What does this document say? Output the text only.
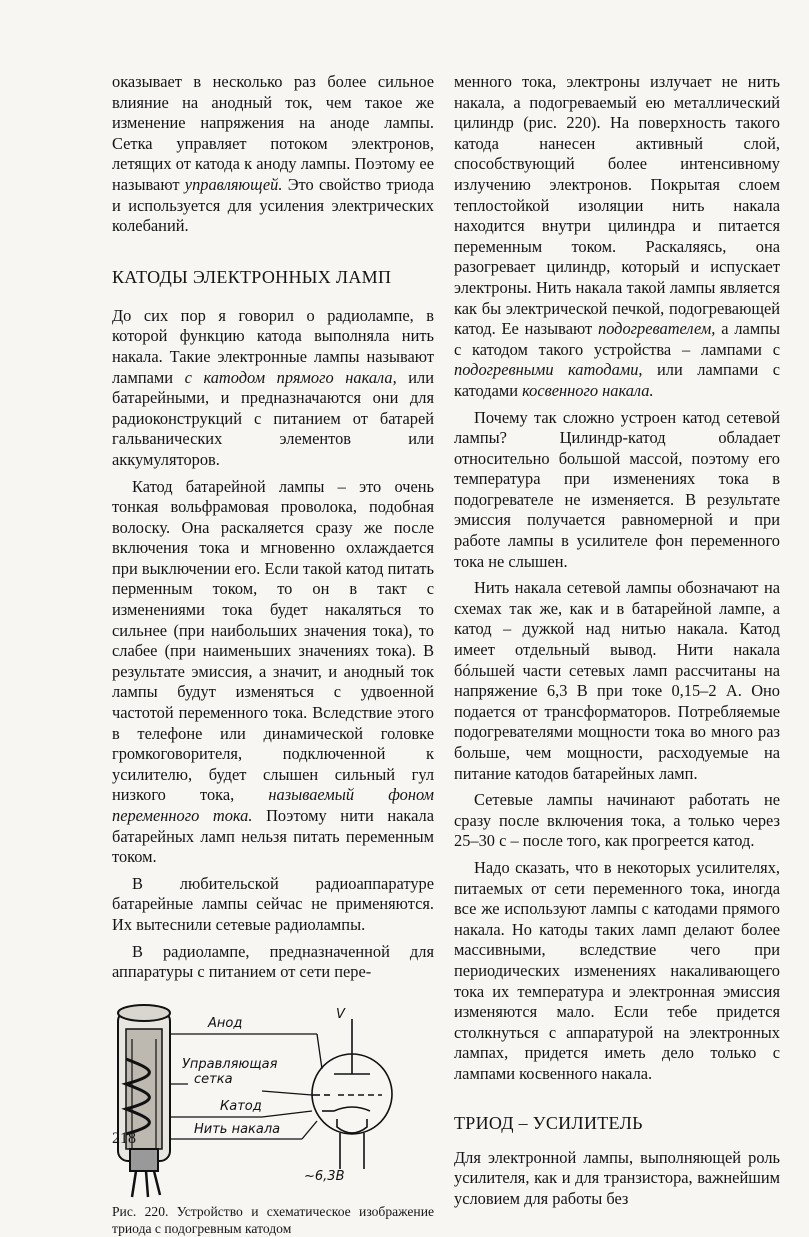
оказывает в несколько раз более сильное влияние на анодный ток, чем такое же изменение напряжения на аноде лампы. Сетка управляет потоком электронов, летящих от катода к аноду лампы. Поэтому ее называют управляющей. Это свойство триода и используется для усиления электрических колебаний.

КАТОДЫ ЭЛЕКТРОННЫХ ЛАМП

До сих пор я говорил о радиолампе, в которой функцию катода выполняла нить накала. Такие электронные лампы называют лампами с катодом прямого накала, или батарейными, и предназначаются они для радиоконструкций с питанием от батарей гальванических элементов или аккумуляторов.

Катод батарейной лампы – это очень тонкая вольфрамовая проволока, подобная волоску. Она раскаляется сразу же после включения тока и мгновенно охлаждается при выключении его. Если такой катод питать перменным током, то он в такт с изменениями тока будет накаляться то сильнее (при наибольших значения тока), то слабее (при наименьших значениях тока). В результате эмиссия, а значит, и анодный ток лампы будут изменяться с удвоенной частотой переменного тока. Вследствие этого в телефоне или динамической головке громкоговорителя, подключенной к усилителю, будет слышен сильный гул низкого тока, называемый фоном переменного тока. Поэтому нити накала батарейных ламп нельзя питать переменным током.

В любительской радиоаппаратуре батарейные лампы сейчас не применяются. Их вытеснили сетевые радиолампы.

В радиолампе, предназначенной для аппаратуры с питанием от сети пере-

Анод
Управляющая
сетка
Катод
Нить накала
V
~6,3В

Рис. 220. Устройство и схематическое изображение триода с подогревным катодом

менного тока, электроны излучает не нить накала, а подогреваемый ею металлический цилиндр (рис. 220). На поверхность такого катода нанесен активный слой, способствующий более интенсивному излучению электронов. Покрытая слоем теплостойкой изоляции нить накала находится внутри цилиндра и питается переменным током. Раскаляясь, она разогревает цилиндр, который и испускает электроны. Нить накала такой лампы является как бы электрической печкой, подогревающей катод. Ее называют подогревателем, а лампы с катодом такого устройства – лампами с подогревными катодами, или лампами с катодами косвенного накала.

Почему так сложно устроен катод сетевой лампы? Цилиндр-катод обладает относительно большой массой, поэтому его температура при изменениях тока в подогревателе не изменяется. В результате эмиссия получается равномерной и при работе лампы в усилителе фон переменного тока не слышен.

Нить накала сетевой лампы обозначают на схемах так же, как и в батарейной лампе, а катод – дужкой над нитью накала. Катод имеет отдельный вывод. Нити накала бóльшей части сетевых ламп рассчитаны на напряжение 6,3 В при токе 0,15–2 А. Оно подается от трансформаторов. Потребляемые подогревателями мощности тока во много раз больше, чем мощности, расходуемые на питание катодов батарейных ламп.

Сетевые лампы начинают работать не сразу после включения тока, а только через 25–30 с – после того, как прогреется катод.

Надо сказать, что в некоторых усилителях, питаемых от сети переменного тока, иногда все же используют лампы с катодами прямого накала. Но катоды таких ламп делают более массивными, вследствие чего при периодических изменениях накаливающего тока их температура и электронная эмиссия изменяются мало. Если тебе придется столкнуться с аппаратурой на электронных лампах, придется иметь дело только с лампами косвенного накала.

ТРИОД – УСИЛИТЕЛЬ

Для электронной лампы, выполняющей роль усилителя, как и для транзистора, важнейшим условием для работы без

218
